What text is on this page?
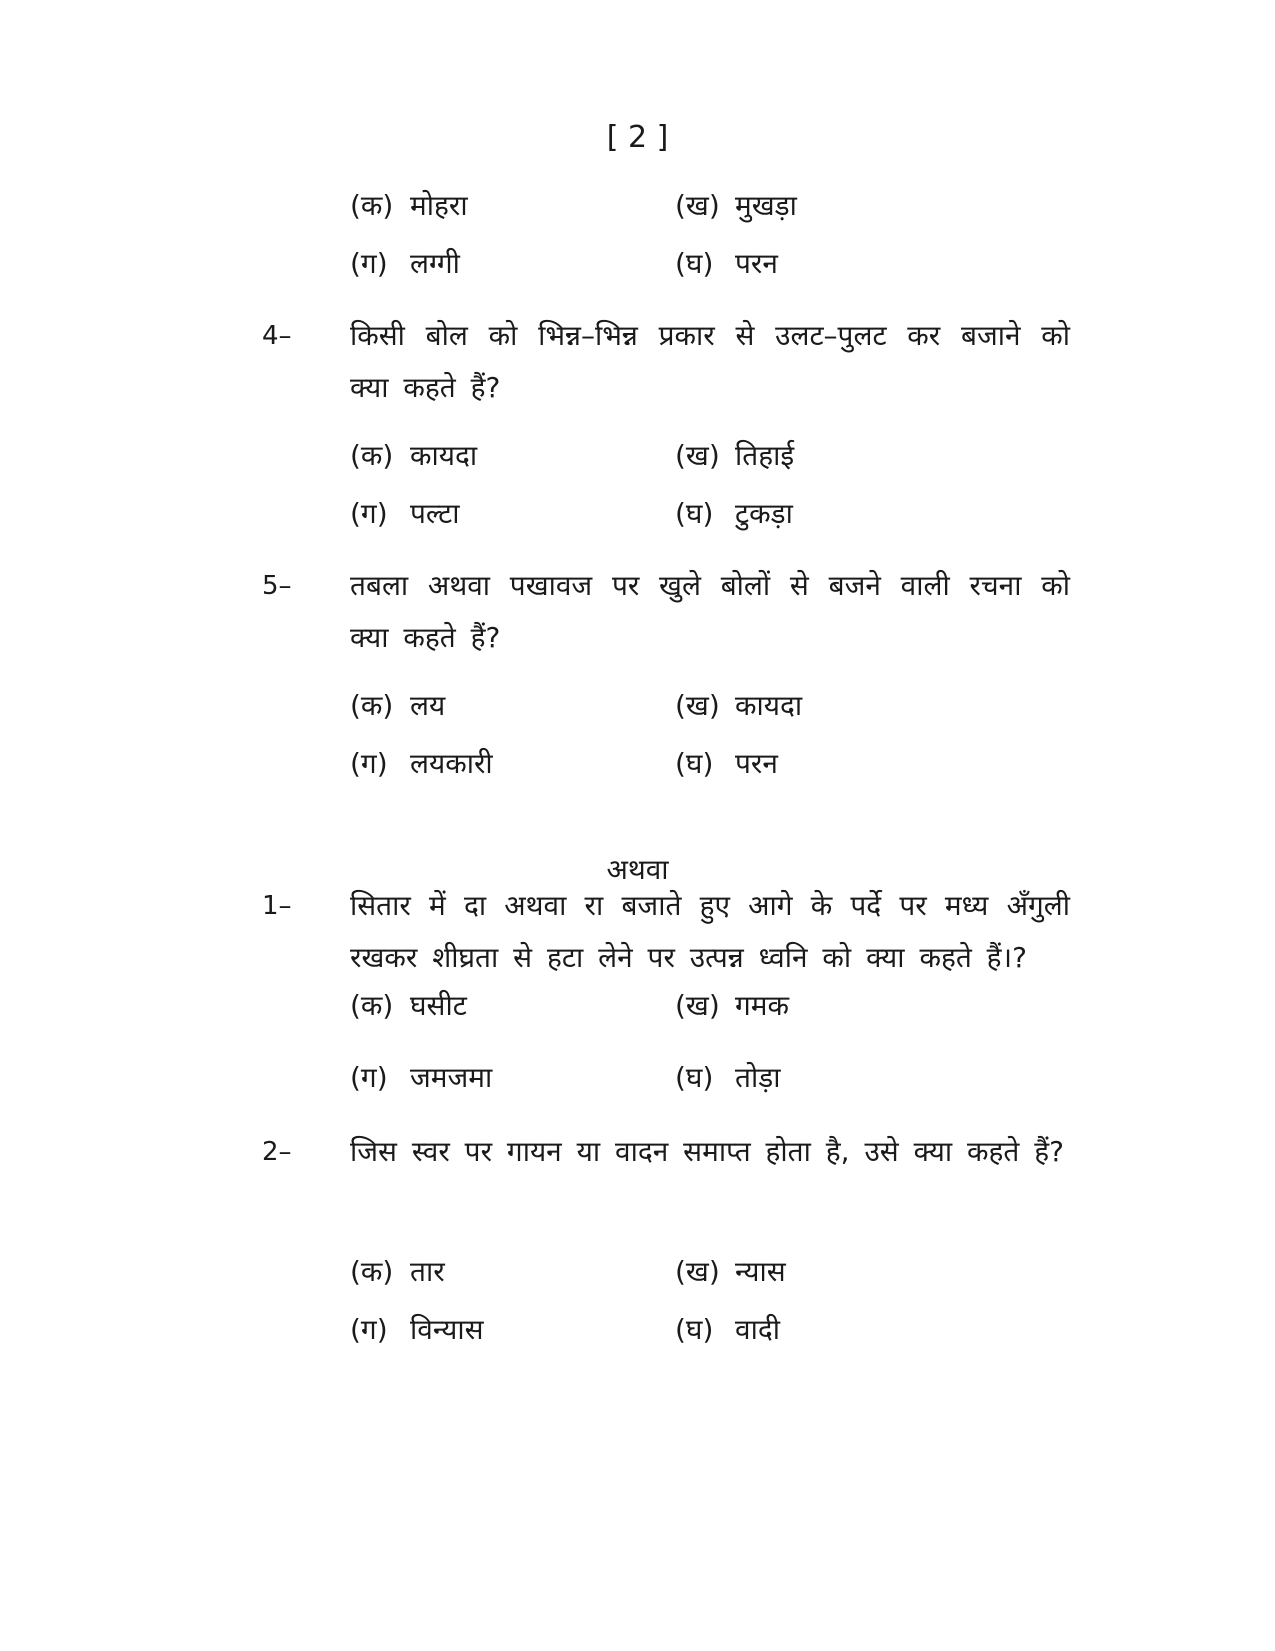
[ 2 ]
(क) मोहरा	(ख) मुखड़ा
(ग) लग्गी	(घ) परन
4– किसी बोल को भिन्न–भिन्न प्रकार से उलट–पुलट कर बजाने को क्या कहते हैं?
(क) कायदा	(ख) तिहाई
(ग) पल्टा	(घ) टुकड़ा
5– तबला अथवा पखावज पर खुले बोलों से बजने वाली रचना को क्या कहते हैं?
(क) लय	(ख) कायदा
(ग) लयकारी	(घ) परन
अथवा
1– सितार में दा अथवा रा बजाते हुए आगे के पर्दे पर मध्य अँगुली रखकर शीघ्रता से हटा लेने पर उत्पन्न ध्वनि को क्या कहते हैं।?
(क) घसीट	(ख) गमक
(ग) जमजमा	(घ) तोड़ा
2– जिस स्वर पर गायन या वादन समाप्त होता है, उसे क्या कहते हैं?
(क) तार	(ख) न्यास
(ग) विन्यास	(घ) वादी
